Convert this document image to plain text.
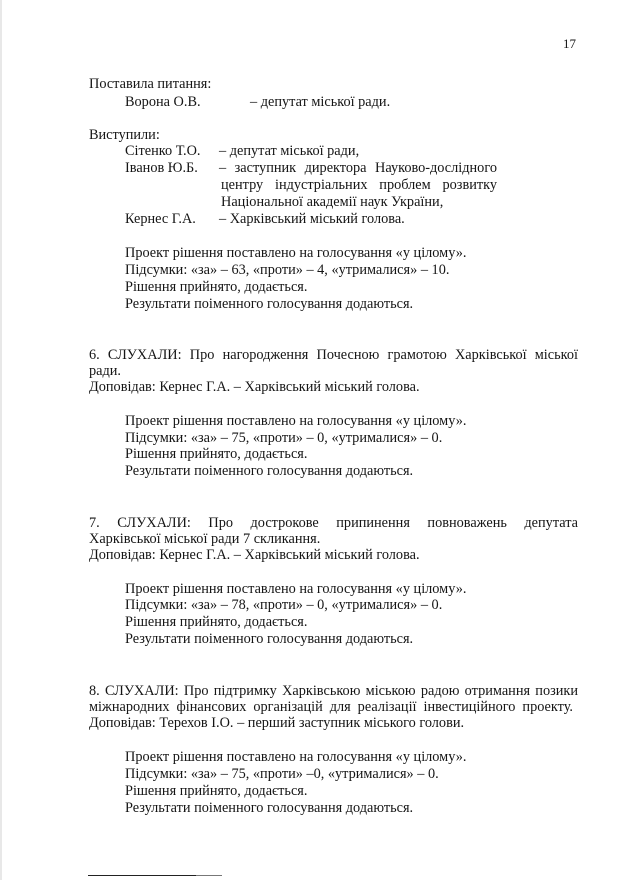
17
Поставила питання:
Ворона О.В.	– депутат міської ради.
Виступили:
Сітенко Т.О. – депутат міської ради,
Іванов Ю.Б. – заступник директора Науково-дослідного
центру індустріальних проблем розвитку
Національної академії наук України,
Кернес Г.А. – Харківський міський голова.
Проект рішення поставлено на голосування «у цілому».
Підсумки: «за» – 63, «проти» – 4, «утрималися» – 10.
Рішення прийнято, додається.
Результати поіменного голосування додаються.
6. СЛУХАЛИ: Про нагородження Почесною грамотою Харківської міської
ради.
Доповідав: Кернес Г.А. – Харківський міський голова.
Проект рішення поставлено на голосування «у цілому».
Підсумки: «за» – 75, «проти» – 0, «утрималися» – 0.
Рішення прийнято, додається.
Результати поіменного голосування додаються.
7. СЛУХАЛИ: Про дострокове припинення повноважень депутата
Харківської міської ради 7 скликання.
Доповідав: Кернес Г.А. – Харківський міський голова.
Проект рішення поставлено на голосування «у цілому».
Підсумки: «за» – 78, «проти» – 0, «утрималися» – 0.
Рішення прийнято, додається.
Результати поіменного голосування додаються.
8. СЛУХАЛИ: Про підтримку Харківською міською радою отримання позики
міжнародних фінансових організацій для реалізації інвестиційного проекту.
Доповідав: Терехов І.О. – перший заступник міського голови.
Проект рішення поставлено на голосування «у цілому».
Підсумки: «за» – 75, «проти» –0, «утрималися» – 0.
Рішення прийнято, додається.
Результати поіменного голосування додаються.
